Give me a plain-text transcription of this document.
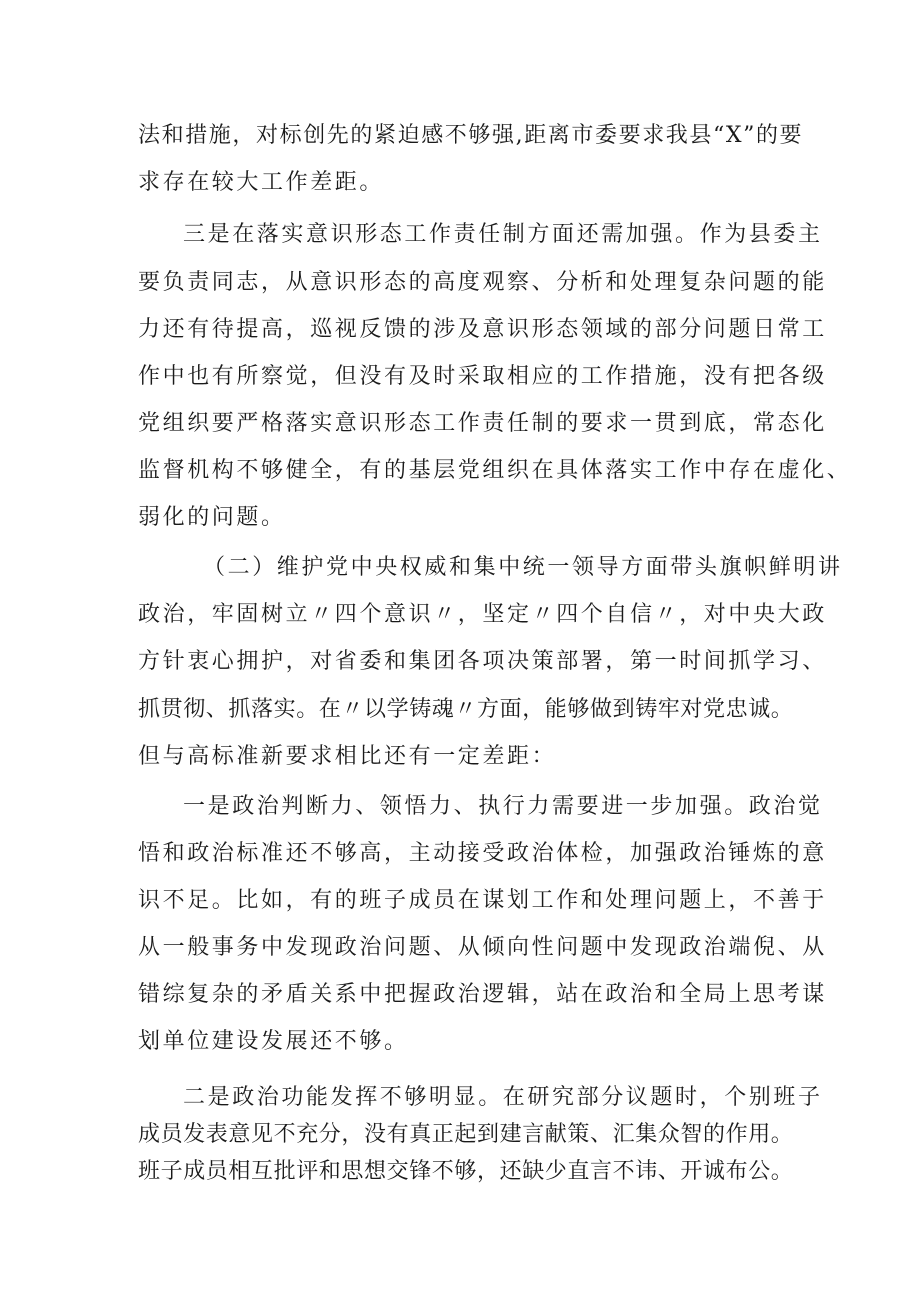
法和措施，对标创先的紧迫感不够强,距离市委要求我县“X”的要
求存在较大工作差距。
三是在落实意识形态工作责任制方面还需加强。作为县委主
要负责同志，从意识形态的高度观察、分析和处理复杂问题的能
力还有待提高，巡视反馈的涉及意识形态领域的部分问题日常工
作中也有所察觉，但没有及时采取相应的工作措施，没有把各级
党组织要严格落实意识形态工作责任制的要求一贯到底，常态化
监督机构不够健全，有的基层党组织在具体落实工作中存在虚化、
弱化的问题。
（二）维护党中央权威和集中统一领导方面带头旗帜鲜明讲
政治，牢固树立〃四个意识〃，坚定〃四个自信〃，对中央大政
方针衷心拥护，对省委和集团各项决策部署，第一时间抓学习、
抓贯彻、抓落实。在〃以学铸魂〃方面，能够做到铸牢对党忠诚。
但与高标准新要求相比还有一定差距：
一是政治判断力、领悟力、执行力需要进一步加强。政治觉
悟和政治标准还不够高，主动接受政治体检，加强政治锤炼的意
识不足。比如，有的班子成员在谋划工作和处理问题上，不善于
从一般事务中发现政治问题、从倾向性问题中发现政治端倪、从
错综复杂的矛盾关系中把握政治逻辑，站在政治和全局上思考谋
划单位建设发展还不够。
二是政治功能发挥不够明显。在研究部分议题时，个别班子
成员发表意见不充分，没有真正起到建言献策、汇集众智的作用。
班子成员相互批评和思想交锋不够，还缺少直言不讳、开诚布公。
